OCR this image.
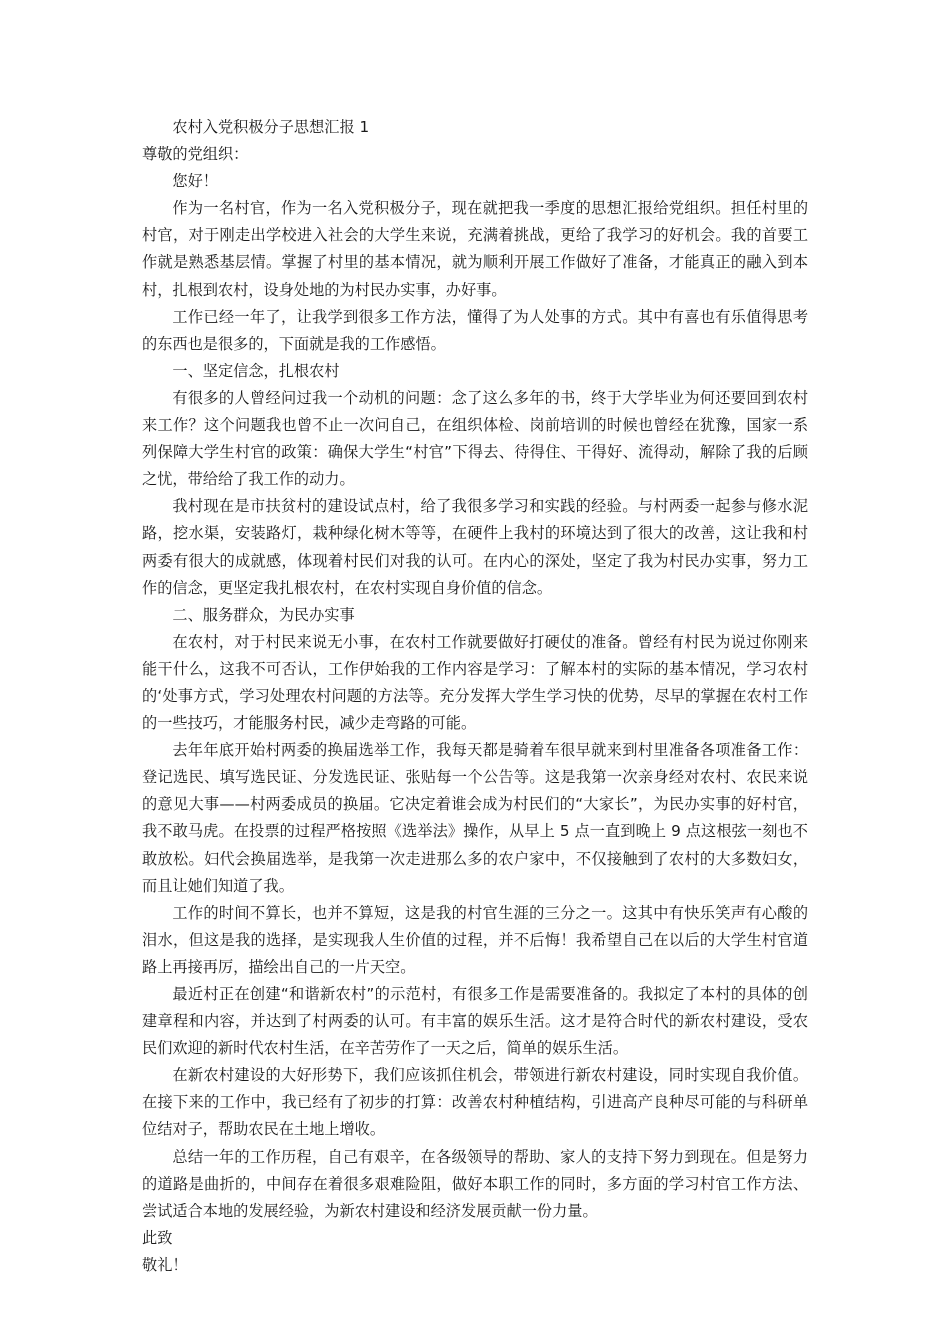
农村入党积极分子思想汇报 1

尊敬的党组织：

您好！

作为一名村官，作为一名入党积极分子，现在就把我一季度的思想汇报给党组织。担任村里的村官，对于刚走出学校进入社会的大学生来说，充满着挑战，更给了我学习的好机会。我的首要工作就是熟悉基层情。掌握了村里的基本情况，就为顺利开展工作做好了准备，才能真正的融入到本村，扎根到农村，设身处地的为村民办实事，办好事。

工作已经一年了，让我学到很多工作方法，懂得了为人处事的方式。其中有喜也有乐值得思考的东西也是很多的，下面就是我的工作感悟。

一、坚定信念，扎根农村

有很多的人曾经问过我一个动机的问题：念了这么多年的书，终于大学毕业为何还要回到农村来工作？这个问题我也曾不止一次问自己，在组织体检、岗前培训的时候也曾经在犹豫，国家一系列保障大学生村官的政策：确保大学生“村官”下得去、待得住、干得好、流得动，解除了我的后顾之忧，带给给了我工作的动力。

我村现在是市扶贫村的建设试点村，给了我很多学习和实践的经验。与村两委一起参与修水泥路，挖水渠，安装路灯，栽种绿化树木等等，在硬件上我村的环境达到了很大的改善，这让我和村两委有很大的成就感，体现着村民们对我的认可。在内心的深处，坚定了我为村民办实事，努力工作的信念，更坚定我扎根农村，在农村实现自身价值的信念。

二、服务群众，为民办实事

在农村，对于村民来说无小事，在农村工作就要做好打硬仗的准备。曾经有村民为说过你刚来能干什么，这我不可否认，工作伊始我的工作内容是学习：了解本村的实际的基本情况，学习农村的‘处事方式，学习处理农村问题的方法等。充分发挥大学生学习快的优势，尽早的掌握在农村工作的一些技巧，才能服务村民，减少走弯路的可能。

去年年底开始村两委的换届选举工作，我每天都是骑着车很早就来到村里准备各项准备工作：登记选民、填写选民证、分发选民证、张贴每一个公告等。这是我第一次亲身经对农村、农民来说的意见大事——村两委成员的换届。它决定着谁会成为村民们的“大家长”，为民办实事的好村官，我不敢马虎。在投票的过程严格按照《选举法》操作，从早上 5 点一直到晚上 9 点这根弦一刻也不敢放松。妇代会换届选举，是我第一次走进那么多的农户家中，不仅接触到了农村的大多数妇女，而且让她们知道了我。

工作的时间不算长，也并不算短，这是我的村官生涯的三分之一。这其中有快乐笑声有心酸的泪水，但这是我的选择，是实现我人生价值的过程，并不后悔！我希望自己在以后的大学生村官道路上再接再厉，描绘出自己的一片天空。

最近村正在创建“和谐新农村”的示范村，有很多工作是需要准备的。我拟定了本村的具体的创建章程和内容，并达到了村两委的认可。有丰富的娱乐生活。这才是符合时代的新农村建设，受农民们欢迎的新时代农村生活，在辛苦劳作了一天之后，简单的娱乐生活。

在新农村建设的大好形势下，我们应该抓住机会，带领进行新农村建设，同时实现自我价值。在接下来的工作中，我已经有了初步的打算：改善农村种植结构，引进高产良种尽可能的与科研单位结对子，帮助农民在土地上增收。

总结一年的工作历程，自己有艰辛，在各级领导的帮助、家人的支持下努力到现在。但是努力的道路是曲折的，中间存在着很多艰难险阻，做好本职工作的同时，多方面的学习村官工作方法、尝试适合本地的发展经验，为新农村建设和经济发展贡献一份力量。

此致

敬礼！
